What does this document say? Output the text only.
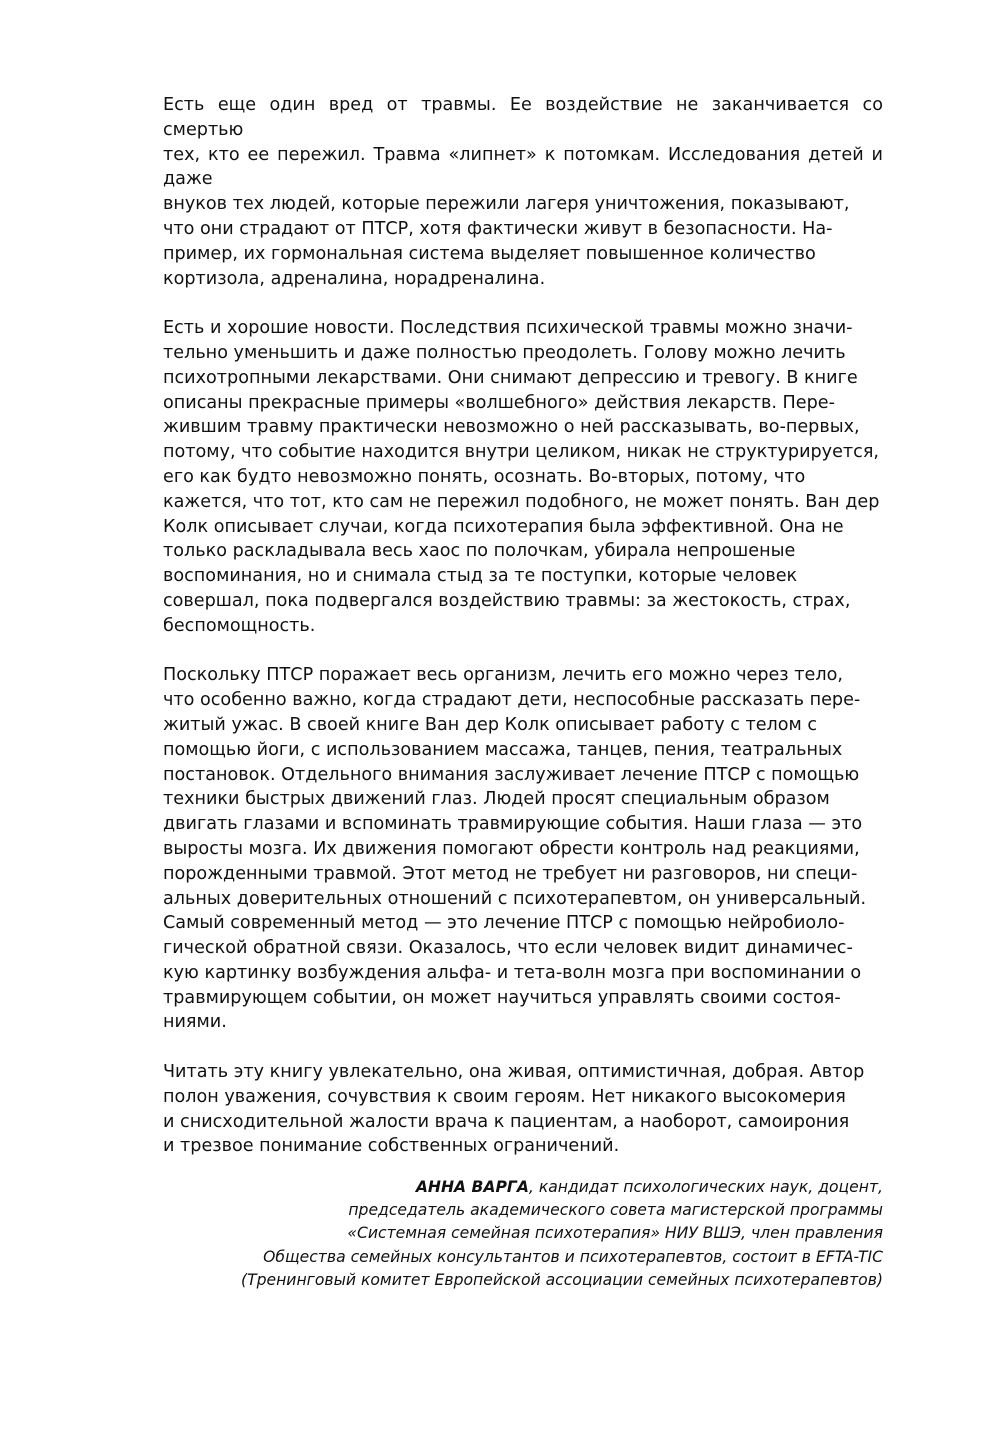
Есть еще один вред от травмы. Ее воздействие не заканчивается со смертью
тех, кто ее пережил. Травма «липнет» к потомкам. Исследования детей и даже
внуков тех людей, которые пережили лагеря уничтожения, показывают,
что они страдают от ПТСР, хотя фактически живут в безопасности. На-
пример, их гормональная система выделяет повышенное количество
кортизола, адреналина, норадреналина.

Есть и хорошие новости. Последствия психической травмы можно значи-
тельно уменьшить и даже полностью преодолеть. Голову можно лечить
психотропными лекарствами. Они снимают депрессию и тревогу. В книге
описаны прекрасные примеры «волшебного» действия лекарств. Пере-
жившим травму практически невозможно о ней рассказывать, во-первых,
потому, что событие находится внутри целиком, никак не структурируется,
его как будто невозможно понять, осознать. Во-вторых, потому, что
кажется, что тот, кто сам не пережил подобного, не может понять. Ван дер
Колк описывает случаи, когда психотерапия была эффективной. Она не
только раскладывала весь хаос по полочкам, убирала непрошеные
воспоминания, но и снимала стыд за те поступки, которые человек
совершал, пока подвергался воздействию травмы: за жестокость, страх,
беспомощность.

Поскольку ПТСР поражает весь организм, лечить его можно через тело,
что особенно важно, когда страдают дети, неспособные рассказать пере-
житый ужас. В своей книге Ван дер Колк описывает работу с телом с
помощью йоги, с использованием массажа, танцев, пения, театральных
постановок. Отдельного внимания заслуживает лечение ПТСР с помощью
техники быстрых движений глаз. Людей просят специальным образом
двигать глазами и вспоминать травмирующие события. Наши глаза — это
выросты мозга. Их движения помогают обрести контроль над реакциями,
порожденными травмой. Этот метод не требует ни разговоров, ни специ-
альных доверительных отношений с психотерапевтом, он универсальный.
Самый современный метод — это лечение ПТСР с помощью нейробиоло-
гической обратной связи. Оказалось, что если человек видит динамичес-
кую картинку возбуждения альфа- и тета-волн мозга при воспоминании о
травмирующем событии, он может научиться управлять своими состоя-
ниями.

Читать эту книгу увлекательно, она живая, оптимистичная, добрая. Автор
полон уважения, сочувствия к своим героям. Нет никакого высокомерия
и снисходительной жалости врача к пациентам, а наоборот, самоирония
и трезвое понимание собственных ограничений.

АННА ВАРГА, кандидат психологических наук, доцент,
председатель академического совета магистерской программы
«Системная семейная психотерапия» НИУ ВШЭ, член правления
Общества семейных консультантов и психотерапевтов, состоит в EFTA-TIC
(Тренинговый комитет Европейской ассоциации семейных психотерапевтов)
